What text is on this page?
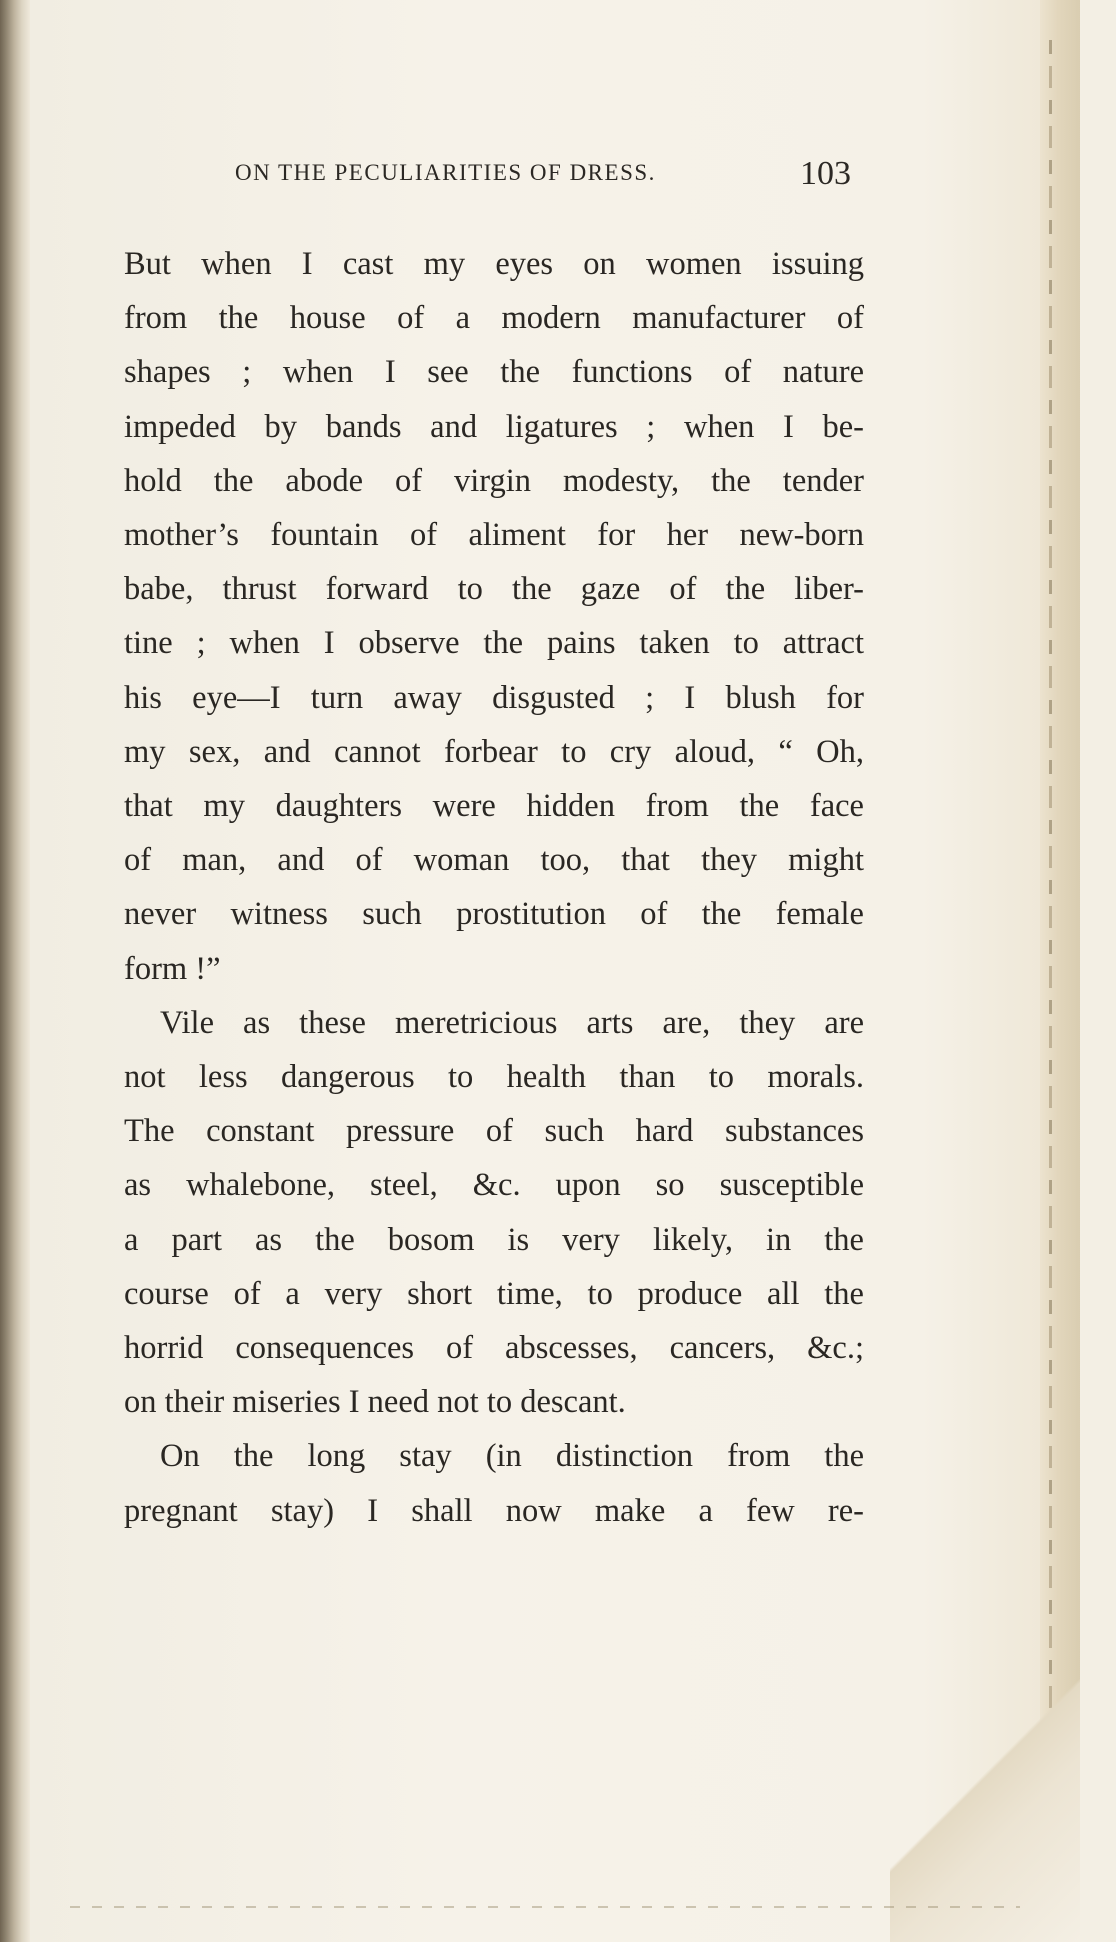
ON THE PECULIARITIES OF DRESS.	103
But when I cast my eyes on women issuing
from the house of a modern manufacturer of
shapes ; when I see the functions of nature
impeded by bands and ligatures ; when I be-
hold the abode of virgin modesty, the tender
mother’s fountain of aliment for her new-born
babe, thrust forward to the gaze of the liber-
tine ; when I observe the pains taken to attract
his eye—I turn away disgusted ; I blush for
my sex, and cannot forbear to cry aloud, “ Oh,
that my daughters were hidden from the face
of man, and of woman too, that they might
never witness such prostitution of the female
form !”
Vile as these meretricious arts are, they are
not less dangerous to health than to morals.
The constant pressure of such hard substances
as whalebone, steel, &c. upon so susceptible
a part as the bosom is very likely, in the
course of a very short time, to produce all the
horrid consequences of abscesses, cancers, &c.;
on their miseries I need not to descant.
On the long stay (in distinction from the
pregnant stay) I shall now make a few re-
